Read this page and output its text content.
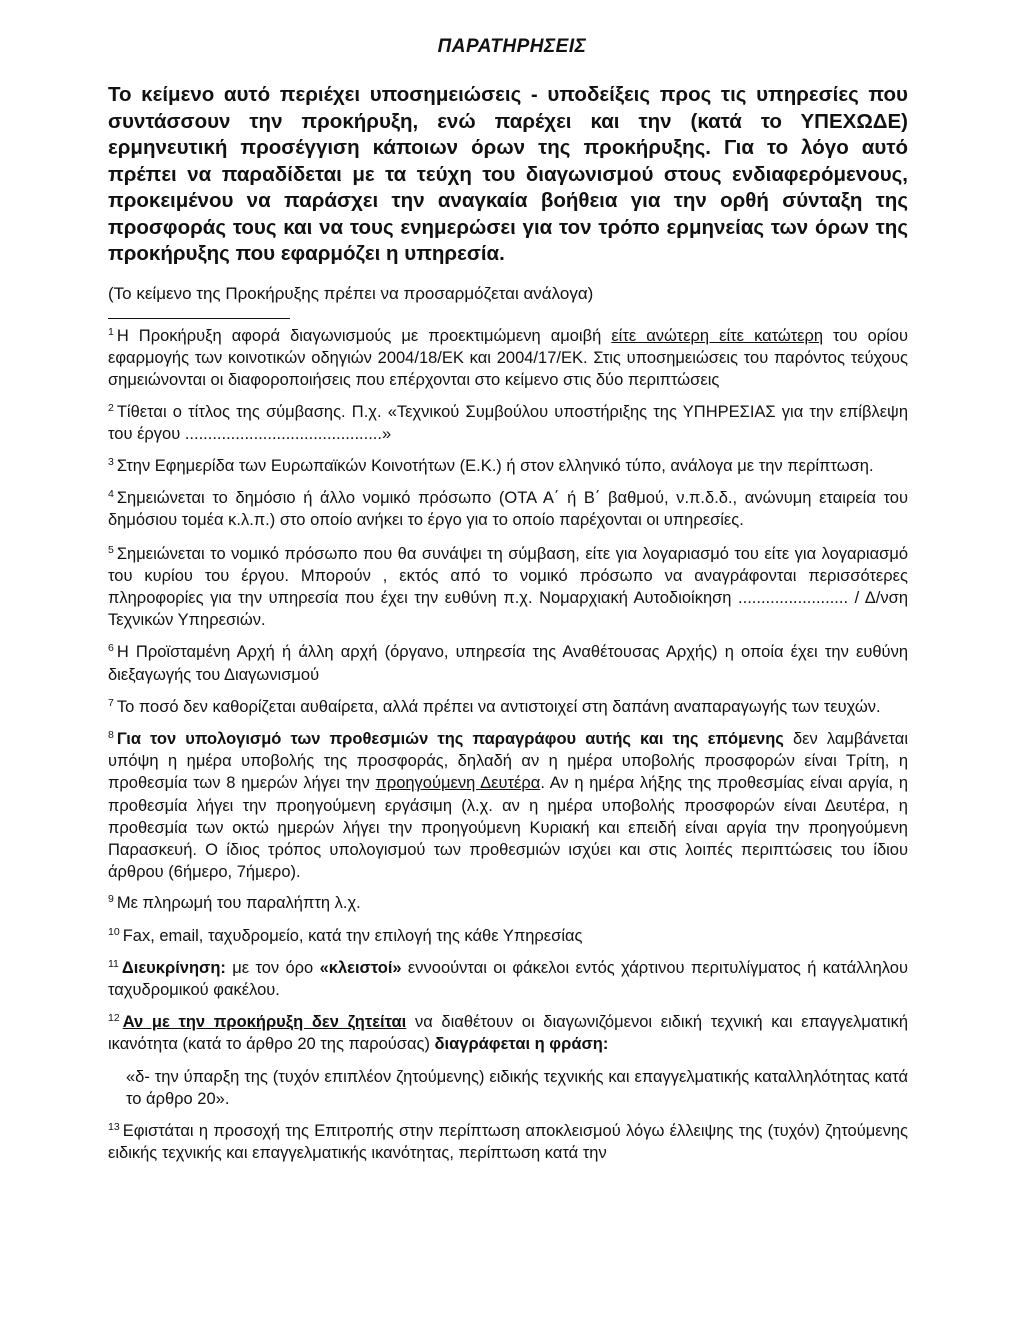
ΠΑΡΑΤΗΡΗΣΕΙΣ

Το κείμενο αυτό περιέχει υποσημειώσεις - υποδείξεις προς τις υπηρεσίες που συντάσσουν την προκήρυξη, ενώ παρέχει και την (κατά το ΥΠΕΧΩΔΕ) ερμηνευτική προσέγγιση κάποιων όρων της προκήρυξης. Για το λόγο αυτό πρέπει να παραδίδεται με τα τεύχη του διαγωνισμού στους ενδιαφερόμενους, προκειμένου να παράσχει την αναγκαία βοήθεια για την ορθή σύνταξη της προσφοράς τους και να τους ενημερώσει για τον τρόπο ερμηνείας των όρων της προκήρυξης που εφαρμόζει η υπηρεσία.

(Το κείμενο της Προκήρυξης πρέπει να προσαρμόζεται ανάλογα)

$^1$ Η Προκήρυξη αφορά διαγωνισμούς με προεκτιμώμενη αμοιβή είτε ανώτερη είτε κατώτερη του ορίου εφαρμογής των κοινοτικών οδηγιών 2004/18/ΕΚ και 2004/17/ΕΚ. Στις υποσημειώσεις του παρόντος τεύχους σημειώνονται οι διαφοροποιήσεις που επέρχονται στο κείμενο στις δύο περιπτώσεις

$^2$ Τίθεται ο τίτλος της σύμβασης. Π.χ. «Τεχνικού Συμβούλου υποστήριξης της ΥΠΗΡΕΣΙΑΣ για την επίβλεψη του έργου ...........................................»

$^3$ Στην Εφημερίδα των Ευρωπαϊκών Κοινοτήτων (Ε.Κ.) ή στον ελληνικό τύπο, ανάλογα με την περίπτωση.

$^4$ Σημειώνεται το δημόσιο ή άλλο νομικό πρόσωπο (ΟΤΑ Α΄ ή Β΄ βαθμού, ν.π.δ.δ., ανώνυμη εταιρεία του δημόσιου τομέα κ.λ.π.) στο οποίο ανήκει το έργο για το οποίο παρέχονται οι υπηρεσίες.

$^5$ Σημειώνεται το νομικό πρόσωπο που θα συνάψει τη σύμβαση, είτε για λογαριασμό του είτε για λογαριασμό του κυρίου του έργου. Μπορούν , εκτός από το νομικό πρόσωπο να αναγράφονται περισσότερες πληροφορίες για την υπηρεσία που έχει την ευθύνη π.χ. Νομαρχιακή Αυτοδιοίκηση ........................ / Δ/νση Τεχνικών Υπηρεσιών.

$^6$ Η Προϊσταμένη Αρχή ή άλλη αρχή (όργανο, υπηρεσία της Αναθέτουσας Αρχής) η οποία έχει την ευθύνη διεξαγωγής του Διαγωνισμού

$^7$ Το ποσό δεν καθορίζεται αυθαίρετα, αλλά πρέπει να αντιστοιχεί στη δαπάνη αναπαραγωγής των τευχών.

$^8$ Για τον υπολογισμό των προθεσμιών της παραγράφου αυτής και της επόμενης δεν λαμβάνεται υπόψη η ημέρα υποβολής της προσφοράς, δηλαδή αν η ημέρα υποβολής προσφορών είναι Τρίτη, η προθεσμία των 8 ημερών λήγει την προηγούμενη Δευτέρα. Αν η ημέρα λήξης της προθεσμίας είναι αργία, η προθεσμία λήγει την προηγούμενη εργάσιμη (λ.χ. αν η ημέρα υποβολής προσφορών είναι Δευτέρα, η προθεσμία των οκτώ ημερών λήγει την προηγούμενη Κυριακή και επειδή είναι αργία την προηγούμενη Παρασκευή. Ο ίδιος τρόπος υπολογισμού των προθεσμιών ισχύει και στις λοιπές περιπτώσεις του ίδιου άρθρου (6ήμερο, 7ήμερο).

$^9$ Με πληρωμή του παραλήπτη λ.χ.

$^{10}$ Fax, email, ταχυδρομείο, κατά την επιλογή της κάθε Υπηρεσίας

$^{11}$ Διευκρίνηση: με τον όρο «κλειστοί» εννοούνται οι φάκελοι εντός χάρτινου περιτυλίγματος ή κατάλληλου ταχυδρομικού φακέλου.

$^{12}$ Αν με την προκήρυξη δεν ζητείται να διαθέτουν οι διαγωνιζόμενοι ειδική τεχνική και επαγγελματική ικανότητα (κατά το άρθρο 20 της παρούσας) διαγράφεται η φράση:

«δ- την ύπαρξη της (τυχόν επιπλέον ζητούμενης) ειδικής τεχνικής και επαγγελματικής καταλληλότητας κατά το άρθρο 20».

$^{13}$ Εφιστάται η προσοχή της Επιτροπής στην περίπτωση αποκλεισμού λόγω έλλειψης της (τυχόν) ζητούμενης ειδικής τεχνικής και επαγγελματικής ικανότητας, περίπτωση κατά την
